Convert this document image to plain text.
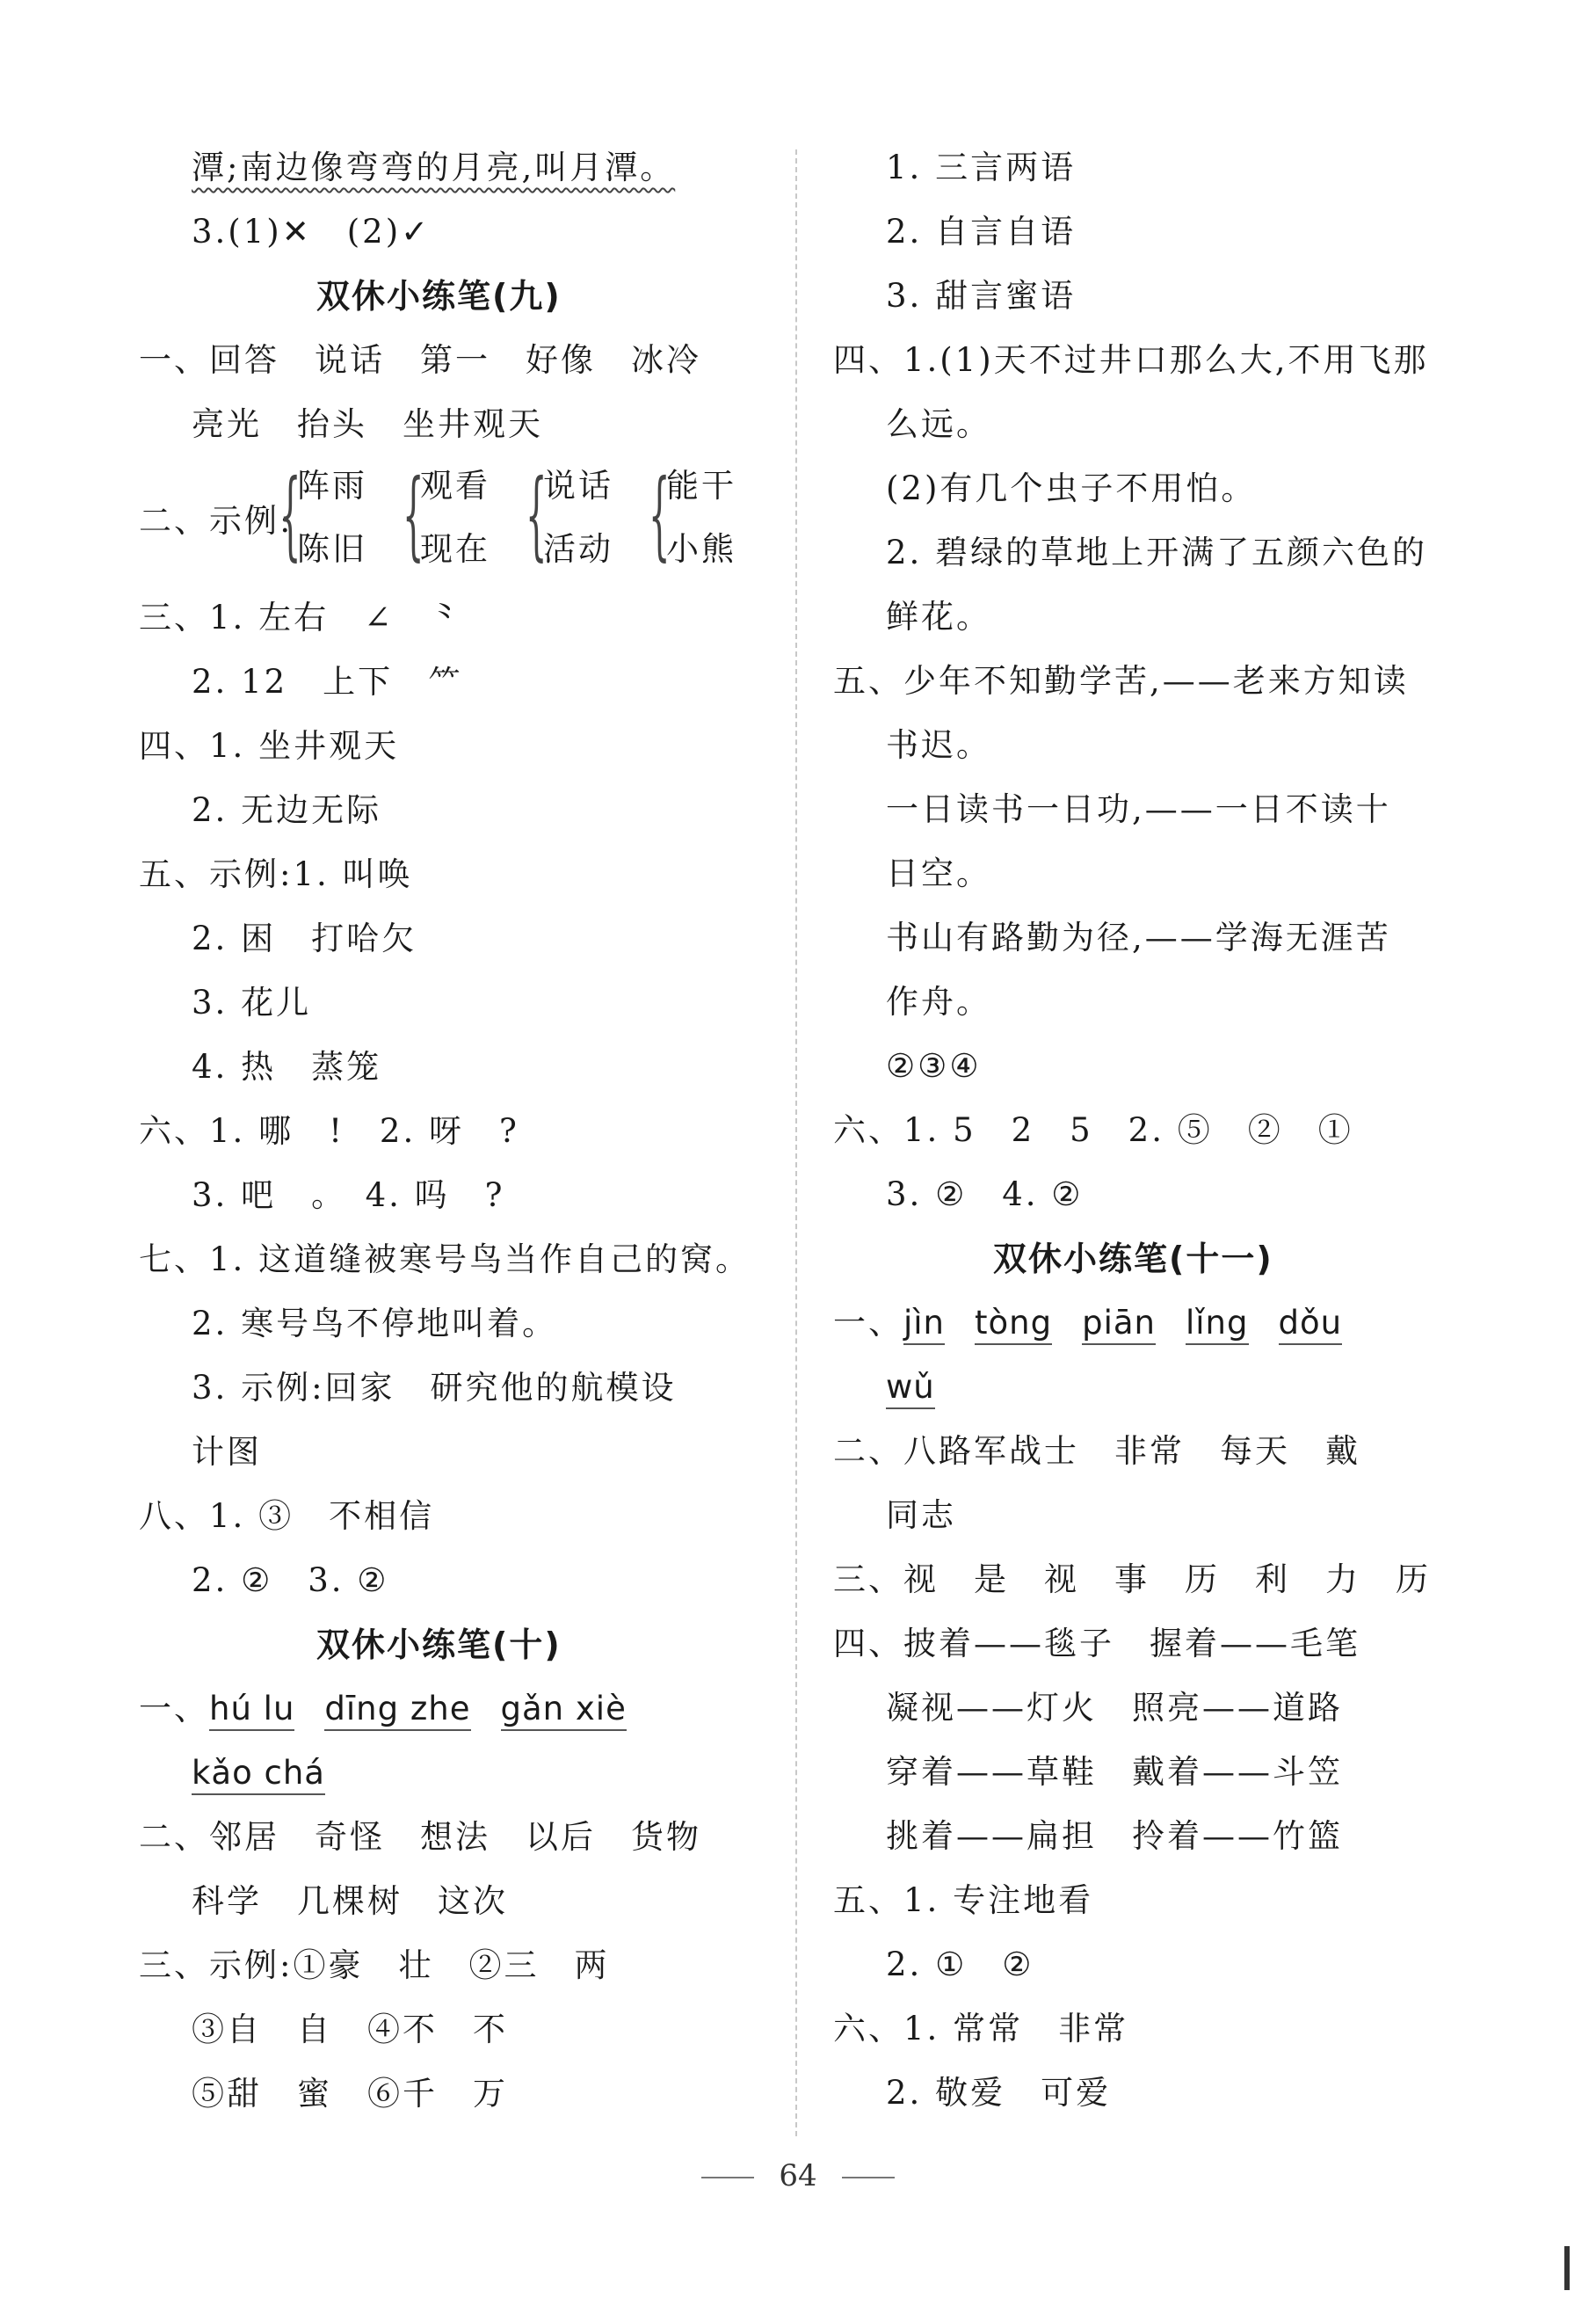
潭;南边像弯弯的月亮,叫月潭。
3.(1)✕　(2)✓
双休小练笔(九)
一、回答　说话　第一　好像　冰冷
亮光　抬头　坐井观天
二、示例:
{
阵雨
陈旧 {
观看
现在 {
说话
活动 {
能干
小熊
三、1. 左右　∠　⺀
2. 12　上下　⺮
四、1. 坐井观天
2. 无边无际
五、示例:1. 叫唤
2. 困　打哈欠
3. 花儿
4. 热　蒸笼
六、1. 哪　!　2. 呀　?
3. 吧　。　4. 吗　?
七、1. 这道缝被寒号鸟当作自己的窝。
2. 寒号鸟不停地叫着。
3. 示例:回家　研究他的航模设
计图
八、1. ③　不相信
2. ②　3. ②
双休小练笔(十)
一、hú lu dīng zhe gǎn xiè
kǎo chá
二、邻居　奇怪　想法　以后　货物
科学　几棵树　这次
三、示例:①豪　壮　②三　两
③自　自　④不　不
⑤甜　蜜　⑥千　万
1. 三言两语
2. 自言自语
3. 甜言蜜语
四、1.(1)天不过井口那么大,不用飞那
么远。
(2)有几个虫子不用怕。
2. 碧绿的草地上开满了五颜六色的
鲜花。
五、少年不知勤学苦,——老来方知读
书迟。
一日读书一日功,——一日不读十
日空。
书山有路勤为径,——学海无涯苦
作舟。
②③④
六、1. 5　2　5　2. ⑤　②　①
3. ②　4. ②
双休小练笔(十一)
一、jìn tòng piān lǐng dǒu
wǔ
二、八路军战士　非常　每天　戴
同志
三、视　是　视　事　历　利　力　历
四、披着——毯子　握着——毛笔
凝视——灯火　照亮——道路
穿着——草鞋　戴着——斗笠
挑着——扁担　拎着——竹篮
五、1. 专注地看
2. ①　②
六、1. 常常　非常
2. 敬爱　可爱
64
